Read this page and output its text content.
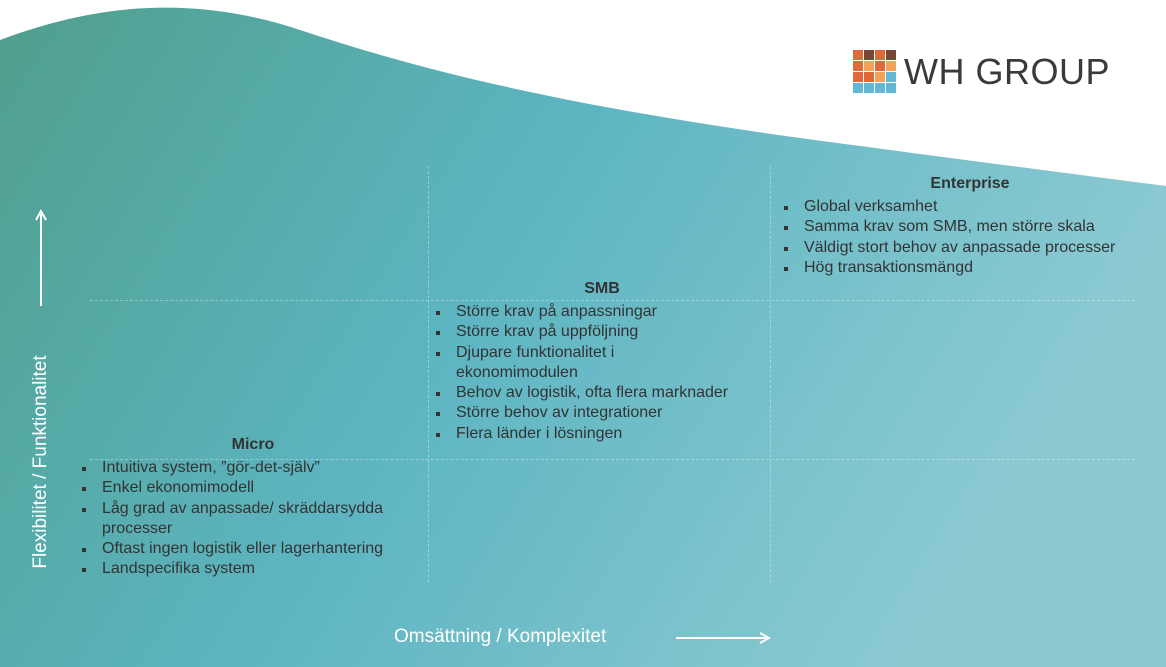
WH GROUP
Micro
Intuitiva system, ”gör-det-själv”
Enkel ekonomimodell
Låg grad av anpassade/ skräddarsydda processer
Oftast ingen logistik eller lagerhantering
Landspecifika system
SMB
Större krav på anpassningar
Större krav på uppföljning
Djupare funktionalitet i ekonomimodulen
Behov av logistik, ofta flera marknader
Större behov av integrationer
Flera länder i lösningen
Enterprise
Global verksamhet
Samma krav som SMB, men större skala
Väldigt stort behov av anpassade processer
Hög transaktionsmängd
Flexibilitet / Funktionalitet
Omsättning / Komplexitet
